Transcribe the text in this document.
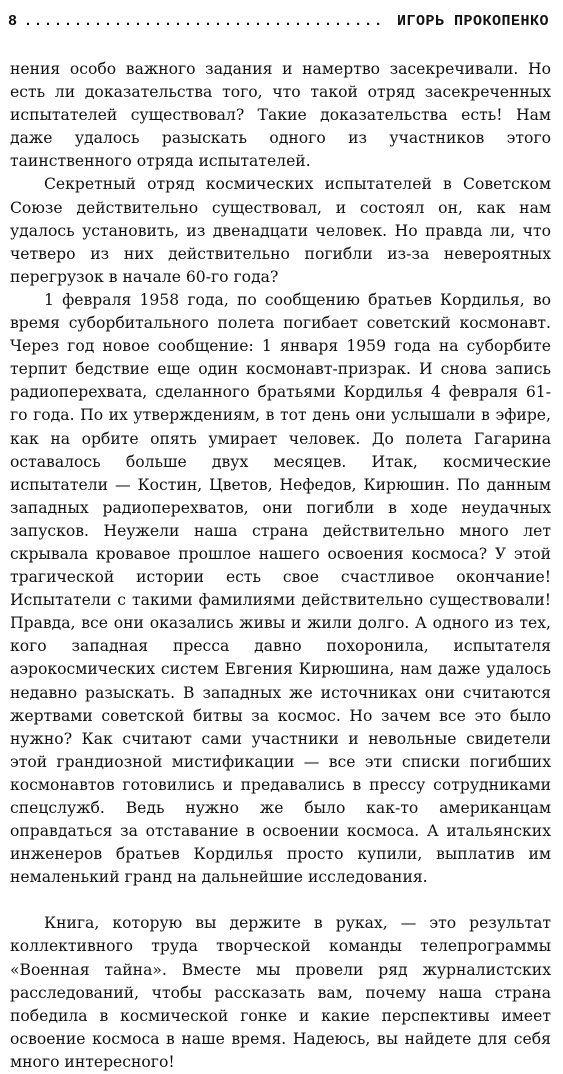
8 .................................... ИГОРЬ ПРОКОПЕНКО

нения особо важного задания и намертво засекречивали. Но есть ли доказательства того, что такой отряд засекреченных испытателей существовал? Такие доказательства есть! Нам даже удалось разыскать одного из участников этого таинственного отряда испытателей.

Секретный отряд космических испытателей в Советском Союзе действительно существовал, и состоял он, как нам удалось установить, из двенадцати человек. Но правда ли, что четверо из них действительно погибли из-за невероятных перегрузок в начале 60-го года?

1 февраля 1958 года, по сообщению братьев Кордилья, во время суборбитального полета погибает советский космонавт. Через год новое сообщение: 1 января 1959 года на суборбите терпит бедствие еще один космонавт-призрак. И снова запись радиоперехвата, сделанного братьями Кордилья 4 февраля 61-го года. По их утверждениям, в тот день они услышали в эфире, как на орбите опять умирает человек. До полета Гагарина оставалось больше двух месяцев. Итак, космические испытатели — Костин, Цветов, Нефедов, Кирюшин. По данным западных радиоперехватов, они погибли в ходе неудачных запусков. Неужели наша страна действительно много лет скрывала кровавое прошлое нашего освоения космоса? У этой трагической истории есть свое счастливое окончание! Испытатели с такими фамилиями действительно существовали! Правда, все они оказались живы и жили долго. А одного из тех, кого западная пресса давно похоронила, испытателя аэрокосмических систем Евгения Кирюшина, нам даже удалось недавно разыскать. В западных же источниках они считаются жертвами советской битвы за космос. Но зачем все это было нужно? Как считают сами участники и невольные свидетели этой грандиозной мистификации — все эти списки погибших космонавтов готовились и предавались в прессу сотрудниками спецслужб. Ведь нужно же было как-то американцам оправдаться за отставание в освоении космоса. А итальянских инженеров братьев Кордилья просто купили, выплатив им немаленький гранд на дальнейшие исследования.

Книга, которую вы держите в руках, — это результат коллективного труда творческой команды телепрограммы «Военная тайна». Вместе мы провели ряд журналистских расследований, чтобы рассказать вам, почему наша страна победила в космической гонке и какие перспективы имеет освоение космоса в наше время. Надеюсь, вы найдете для себя много интересного!
